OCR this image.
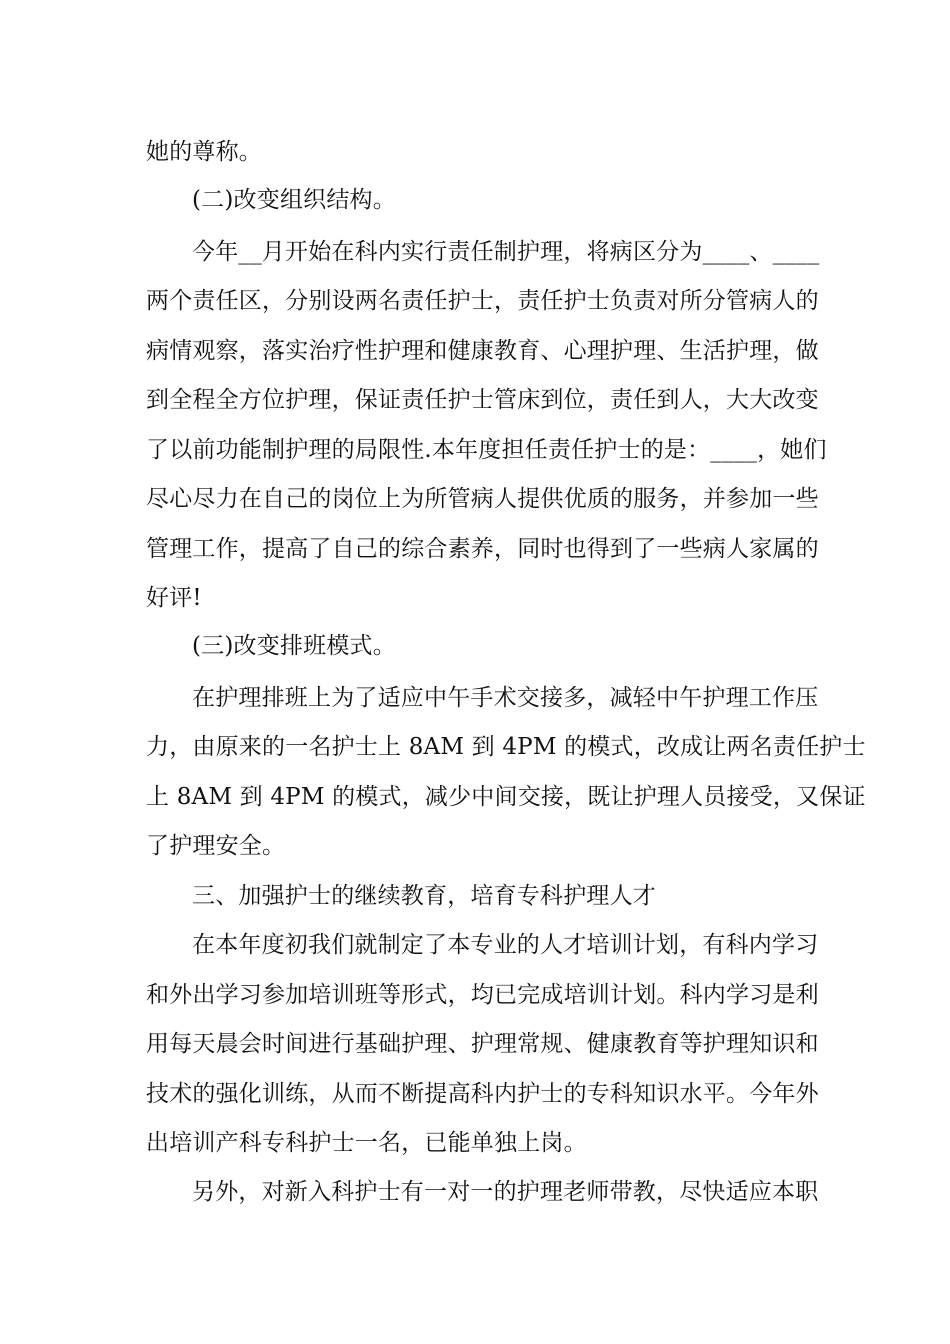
她的尊称。
(二)改变组织结构。
今年__月开始在科内实行责任制护理，将病区分为____、____
两个责任区，分别设两名责任护士，责任护士负责对所分管病人的
病情观察，落实治疗性护理和健康教育、心理护理、生活护理，做
到全程全方位护理，保证责任护士管床到位，责任到人，大大改变
了以前功能制护理的局限性.本年度担任责任护士的是：____，她们
尽心尽力在自己的岗位上为所管病人提供优质的服务，并参加一些
管理工作，提高了自己的综合素养，同时也得到了一些病人家属的
好评!
(三)改变排班模式。
在护理排班上为了适应中午手术交接多，减轻中午护理工作压
力，由原来的一名护士上 8AM 到 4PM 的模式，改成让两名责任护士
上 8AM 到 4PM 的模式，减少中间交接，既让护理人员接受，又保证
了护理安全。
三、加强护士的继续教育，培育专科护理人才
在本年度初我们就制定了本专业的人才培训计划，有科内学习
和外出学习参加培训班等形式，均已完成培训计划。科内学习是利
用每天晨会时间进行基础护理、护理常规、健康教育等护理知识和
技术的强化训练，从而不断提高科内护士的专科知识水平。今年外
出培训产科专科护士一名，已能单独上岗。
另外，对新入科护士有一对一的护理老师带教，尽快适应本职
